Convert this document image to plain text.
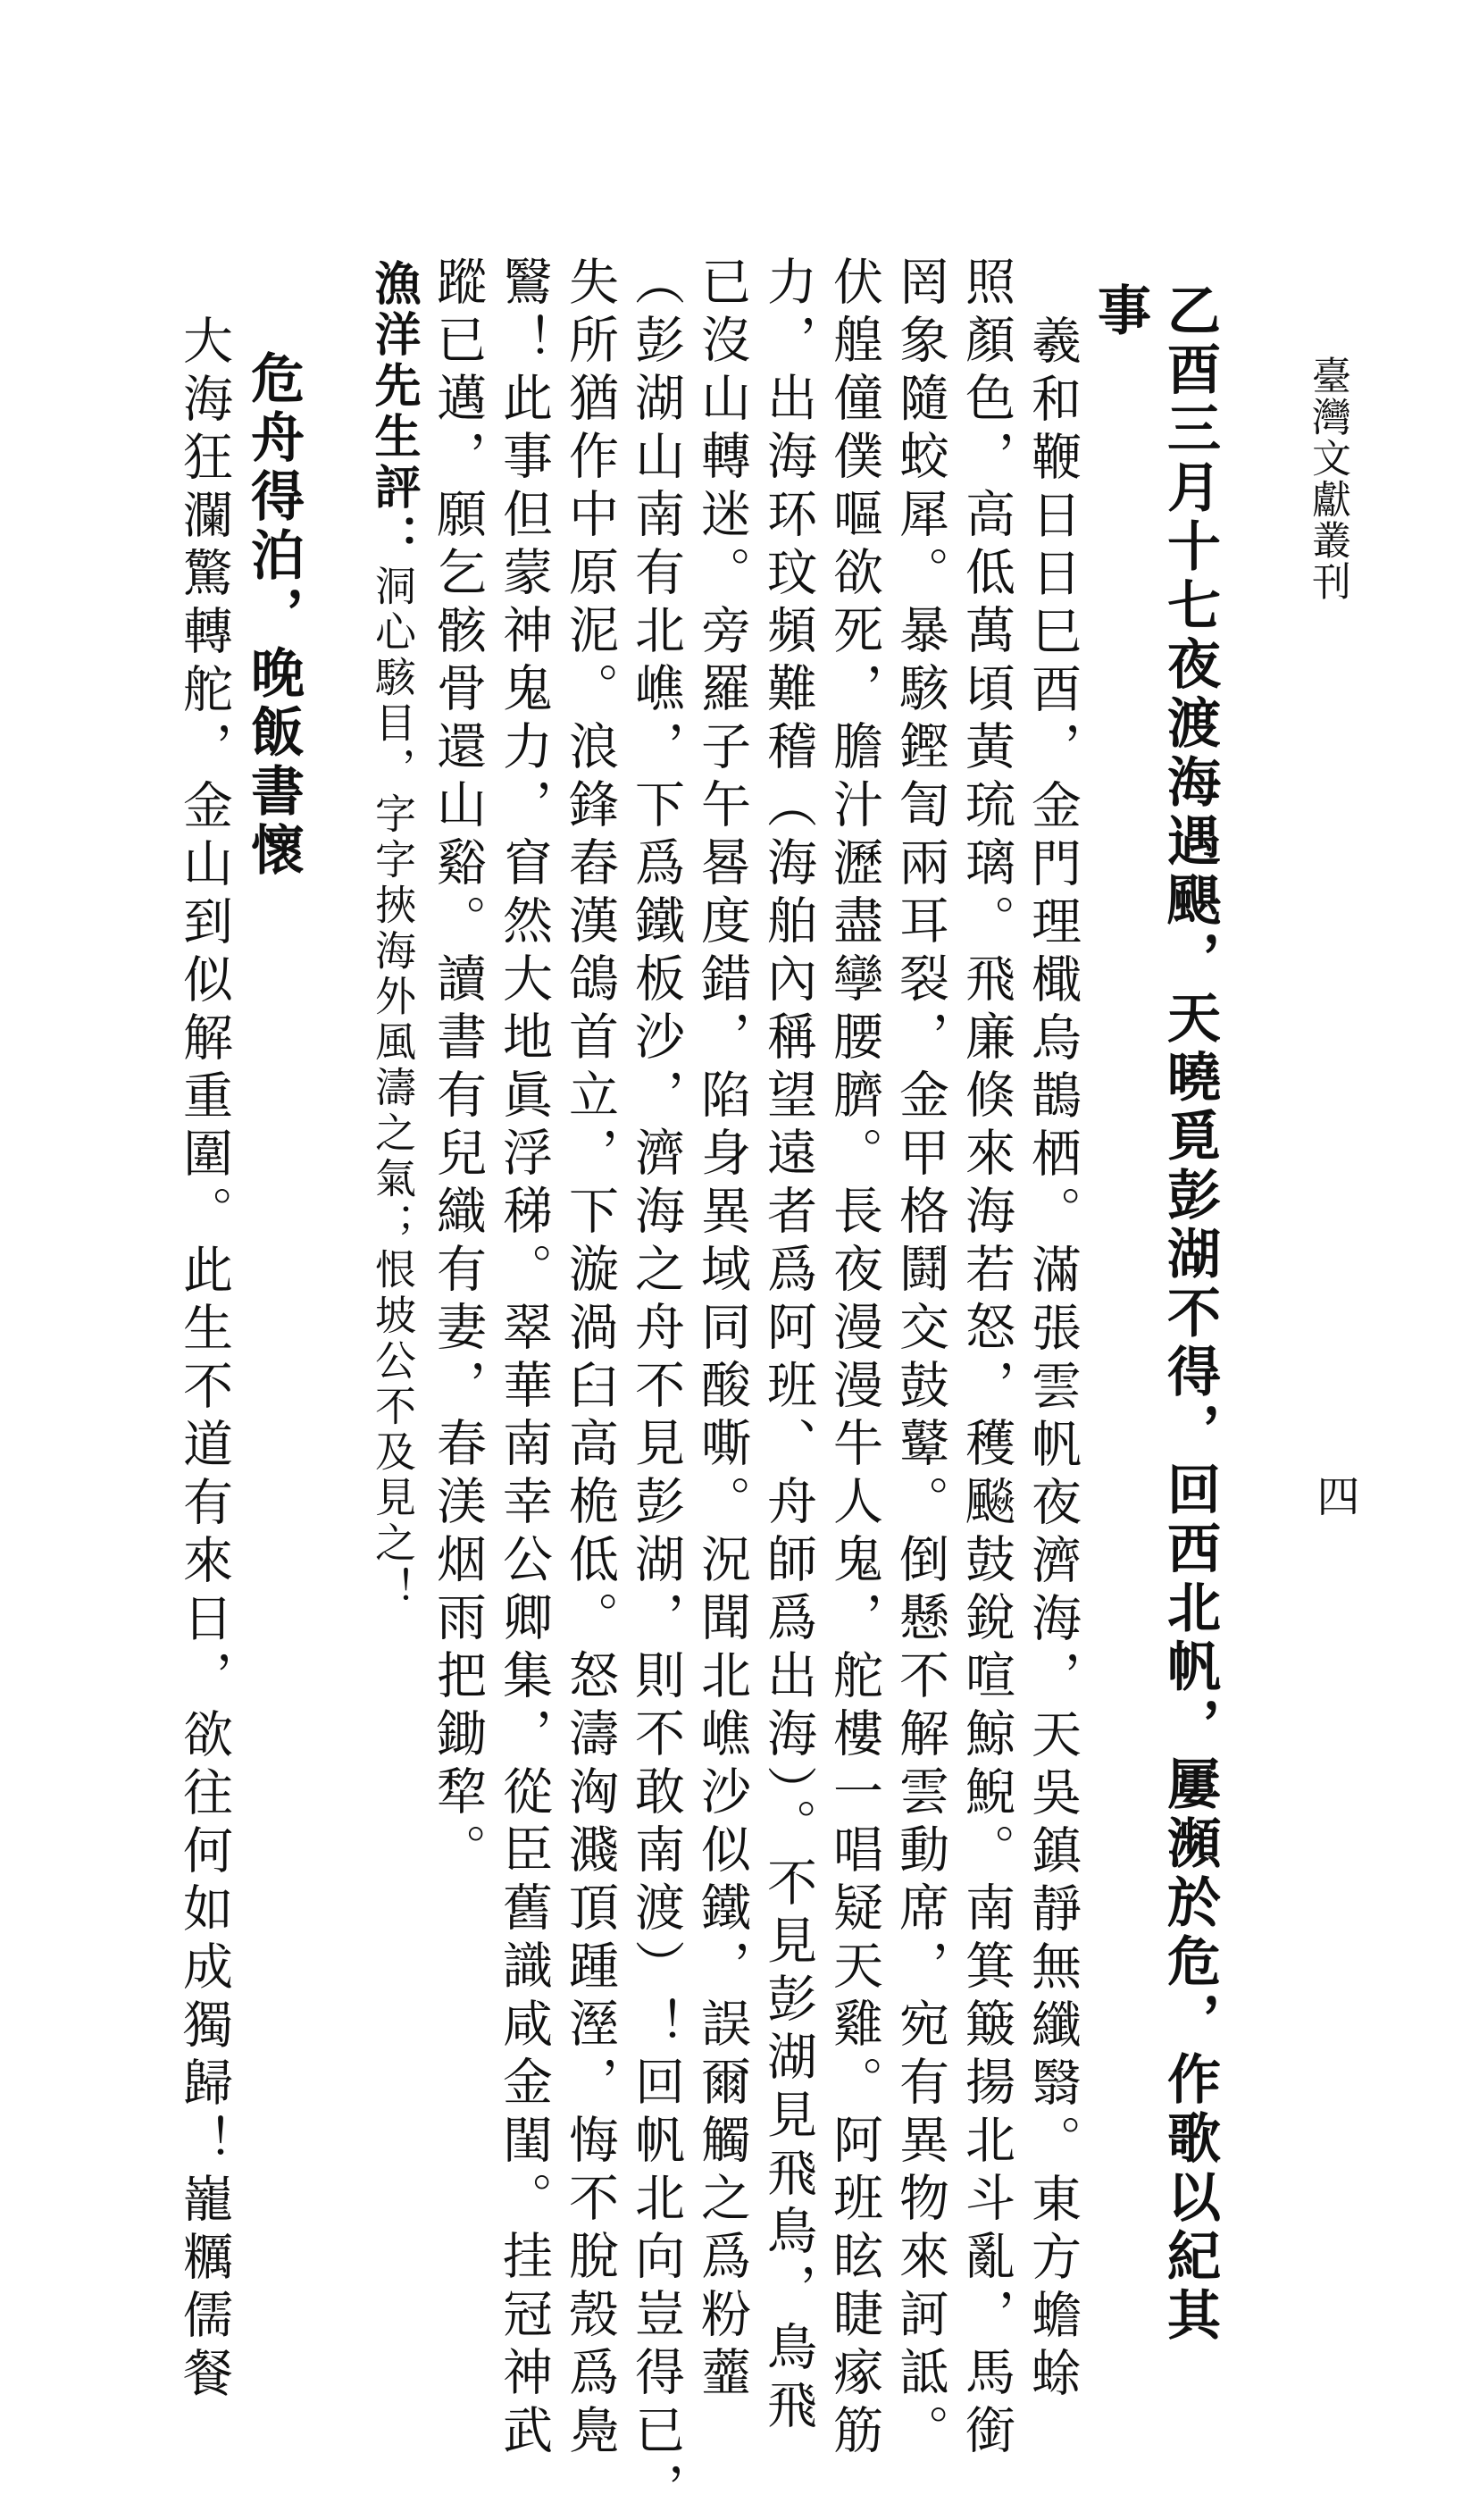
臺灣文獻叢刊
四
乙酉三月十七夜渡海遇颶，天曉覓彭湖不得，回西北帆，屢瀕於危，作歌以紀其
事
羲和鞭日日巳酉，金門理檝烏鵲栖。滿張雲帆夜濟海，天吳鎮靜無纖翳。東方蟾蜍
照顏色，高低萬頃黃琉璃。飛廉倏來海若怒，穫飈鼓銳喧鯨鯢。南箕簸揚北斗亂，馬銜
罔象隨蛟犀。暴駭鏗訇兩耳裂，金甲格鬪交鼓鼙。倒懸不解雲動席，宛有異物來訶詆。
伏艎僮僕嘔欲死，膽汁瀝盡孿腰臍。長夜漫漫牛人鬼，舵樓一唱疑天雞。阿班眩睫瘃筋
力，出海环玟頻難稽（海舶內稱望遠者爲阿班、舟師爲出海）。不見彭湖見飛鳥，鳥飛
已沒山轉迷。旁羅子午晷度錯，陷身異域同酸嘶。況聞北嶕沙似鐵，誤爾觸之爲粉虀
（彭湖山南有北嶕，下爲鐵板沙，濟海之舟不見彭湖，則不敢南渡）！回帆北向豈得已，
失所猶作中原泥。浪鋒舂漢鴿首立，下漩渦臼高桅低。怒濤洶濺頂踵溼，悔不脫殼爲鳧
鷖！此事但蒙神鬼力，窅然大地眞浮稊。翠華南幸公卿集，從臣舊識咸金閨。挂冠神武
蹤已邁，願乞骸骨還山谿。讀書有兒織有妻，春渼烟雨把鋤犂。
漁洋先生評：洞心駭目，字字挾海外風濤之氣；恨坡公不及見之！
危舟得泊，晚飯書懷
大海狂瀾驚轉舵，金山到似解重圍。此生不道有來日，欲往何如成獨歸！巃糲儒餐
